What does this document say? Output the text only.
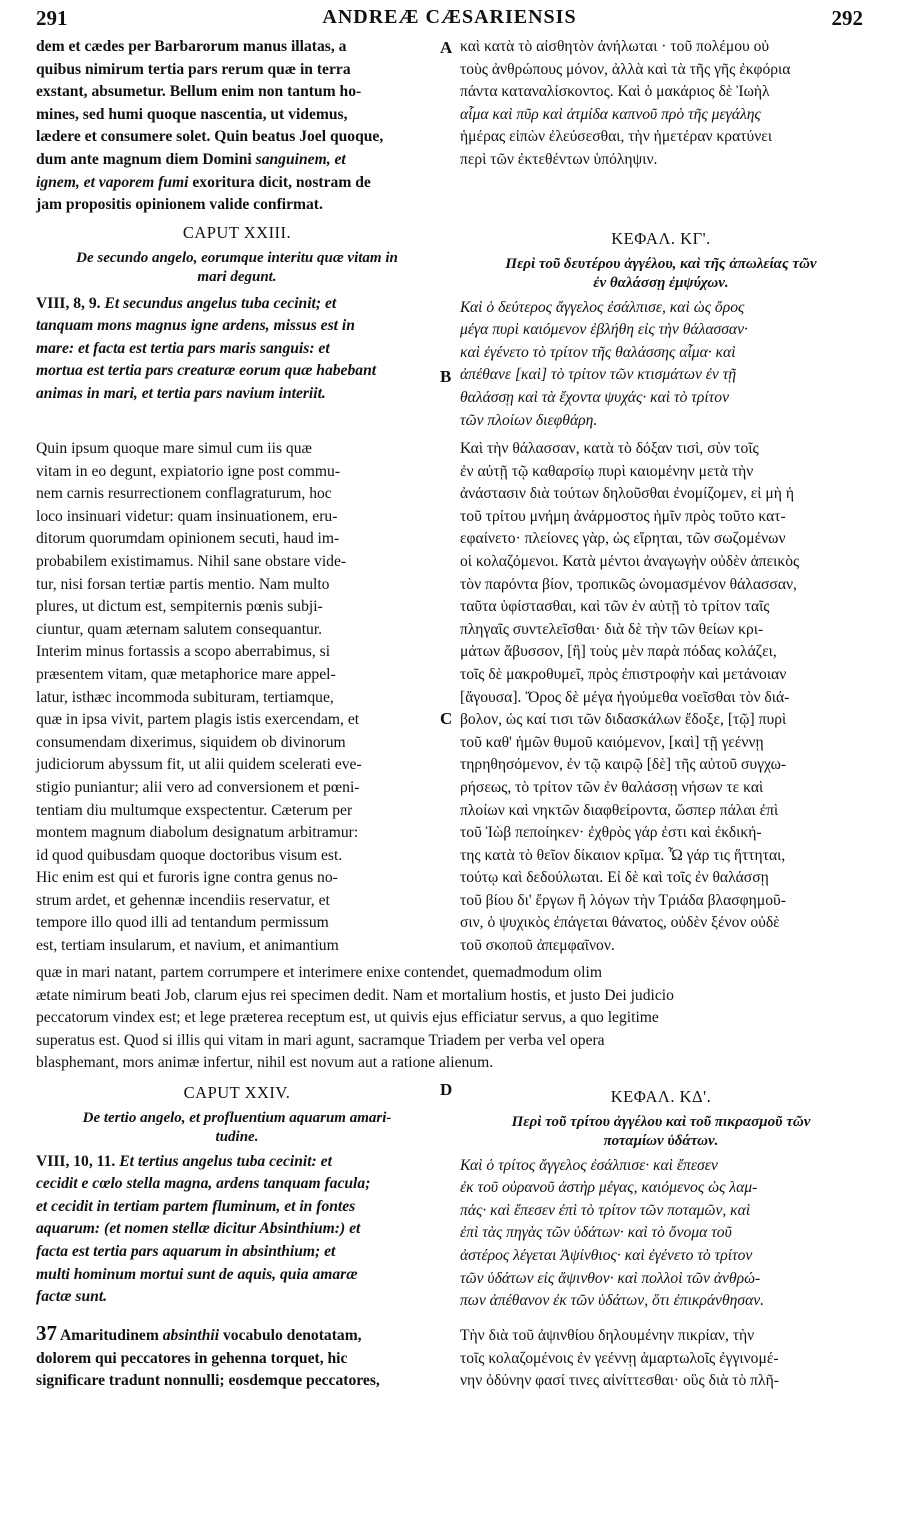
291	ANDREÆ CÆSARIENSIS	292
A
B
C
D
dem et cædes per Barbarorum manus illatas, a
quibus nimirum tertia pars rerum quæ in terra
exstant, absumetur. Bellum enim non tantum ho-
mines, sed humi quoque nascentia, ut videmus,
lædere et consumere solet. Quin beatus Joel quoque,
dum ante magnum diem Domini sanguinem, et
ignem, et vaporem fumi exoritura dicit, nostram de
jam propositis opinionem valide confirmat.
καὶ κατὰ τὸ αἰσθητὸν ἀνήλωται · τοῦ πολέμου οὐ
τοὺς ἀνθρώπους μόνον, ἀλλὰ καὶ τὰ τῆς γῆς ἐκφόρια
πάντα καταναλίσκοντος. Καὶ ὁ μακάριος δὲ Ἰωὴλ
αἷμα καὶ πῦρ καὶ ἀτμίδα καπνοῦ πρὸ τῆς μεγάλης
ἡμέρας εἰπὼν ἐλεύσεσθαι, τὴν ἡμετέραν κρατύνει
περὶ τῶν ἐκτεθέντων ὑπόληψιν.
CAPUT XXIII.
De secundo angelo, eorumque interitu quæ vitam in
mari degunt.
VIII, 8, 9. Et secundus angelus tuba cecinit; et
tanquam mons magnus igne ardens, missus est in
mare: et facta est tertia pars maris sanguis: et
mortua est tertia pars creaturæ eorum quæ habebant
animas in mari, et tertia pars navium interiit.
ΚΕΦΑΛ. ΚΓ'.
Περὶ τοῦ δευτέρου ἀγγέλου, καὶ τῆς ἀπωλείας τῶν
ἐν θαλάσσῃ ἐμψύχων.
Καὶ ὁ δεύτερος ἄγγελος ἐσάλπισε, καὶ ὡς ὄρος
μέγα πυρὶ καιόμενον ἐβλήθη εἰς τὴν θάλασσαν·
καὶ ἐγένετο τὸ τρίτον τῆς θαλάσσης αἷμα· καὶ
ἀπέθανε [καὶ] τὸ τρίτον τῶν κτισμάτων ἐν τῇ
θαλάσσῃ καὶ τὰ ἔχοντα ψυχάς· καὶ τὸ τρίτον
τῶν πλοίων διεφθάρη.
Quin ipsum quoque mare simul cum iis quæ
vitam in eo degunt, expiatorio igne post commu-
nem carnis resurrectionem conflagraturum, hoc
loco insinuari videtur: quam insinuationem, eru-
ditorum quorumdam opinionem secuti, haud im-
probabilem existimamus. Nihil sane obstare vide-
tur, nisi forsan tertiæ partis mentio. Nam multo
plures, ut dictum est, sempiternis pœnis subji-
ciuntur, quam æternam salutem consequantur.
Interim minus fortassis a scopo aberrabimus, si
præsentem vitam, quæ metaphorice mare appel-
latur, isthæc incommoda subituram, tertiamque,
quæ in ipsa vivit, partem plagis istis exercendam, et
consumendam dixerimus, siquidem ob divinorum
judiciorum abyssum fit, ut alii quidem scelerati eve-
stigio puniantur; alii vero ad conversionem et pœni-
tentiam diu multumque exspectentur. Cæterum per
montem magnum diabolum designatum arbitramur:
id quod quibusdam quoque doctoribus visum est.
Hic enim est qui et furoris igne contra genus no-
strum ardet, et gehennæ incendiis reservatur, et
tempore illo quod illi ad tentandum permissum
est, tertiam insularum, et navium, et animantium
Καὶ τὴν θάλασσαν, κατὰ τὸ δόξαν τισὶ, σὺν τοῖς
ἐν αὐτῇ τῷ καθαρσίῳ πυρὶ καιομένην μετὰ τὴν
ἀνάστασιν διὰ τούτων δηλοῦσθαι ἐνομίζομεν, εἰ μὴ ἡ
τοῦ τρίτου μνήμη ἀνάρμοστος ἡμῖν πρὸς τοῦτο κατ-
εφαίνετο· πλείονες γὰρ, ὡς εἴρηται, τῶν σωζομένων
οἱ κολαζόμενοι. Κατὰ μέντοι ἀναγωγὴν οὐδὲν ἀπεικὸς
τὸν παρόντα βίον, τροπικῶς ὠνομασμένον θάλασσαν,
ταῦτα ὑφίστασθαι, καὶ τῶν ἐν αὐτῇ τὸ τρίτον ταῖς
πληγαῖς συντελεῖσθαι· διὰ δὲ τὴν τῶν θείων κρι-
μάτων ἄβυσσον, [ἢ] τοὺς μὲν παρὰ πόδας κολάζει,
τοῖς δὲ μακροθυμεῖ, πρὸς ἐπιστροφὴν καὶ μετάνοιαν
[ἄγουσα]. Ὄρος δὲ μέγα ἡγούμεθα νοεῖσθαι τὸν διά-
βολον, ὡς καί τισι τῶν διδασκάλων ἔδοξε, [τῷ] πυρὶ
τοῦ καθ' ἡμῶν θυμοῦ καιόμενον, [καὶ] τῇ γεέννῃ
τηρηθησόμενον, ἐν τῷ καιρῷ [δὲ] τῆς αὐτοῦ συγχω-
ρήσεως, τὸ τρίτον τῶν ἐν θαλάσσῃ νήσων τε καὶ
πλοίων καὶ νηκτῶν διαφθείροντα, ὥσπερ πάλαι ἐπὶ
τοῦ Ἰὼβ πεποίηκεν· ἐχθρὸς γάρ ἐστι καὶ ἐκδική-
της κατὰ τὸ θεῖον δίκαιον κρῖμα. Ὧ γάρ τις ἥττηται,
τούτῳ καὶ δεδούλωται. Εἰ δὲ καὶ τοῖς ἐν θαλάσσῃ
τοῦ βίου δι' ἔργων ἢ λόγων τὴν Τριάδα βλασφημοῦ-
σιν, ὁ ψυχικὸς ἐπάγεται θάνατος, οὐδὲν ξένον οὐδὲ
τοῦ σκοποῦ ἀπεμφαῖνον.
quæ in mari natant, partem corrumpere et interimere enixe contendet, quemadmodum olim
ætate nimirum beati Job, clarum ejus rei specimen dedit. Nam et mortalium hostis, et justo Dei judicio
peccatorum vindex est; et lege præterea receptum est, ut quivis ejus efficiatur servus, a quo legitime
superatus est. Quod si illis qui vitam in mari agunt, sacramque Triadem per verba vel opera
blasphemant, mors animæ infertur, nihil est novum aut a ratione alienum.
CAPUT XXIV.
De tertio angelo, et profluentium aquarum amari-
tudine.
VIII, 10, 11. Et tertius angelus tuba cecinit: et
cecidit e cœlo stella magna, ardens tanquam facula;
et cecidit in tertiam partem fluminum, et in fontes
aquarum: (et nomen stellæ dicitur Absinthium:) et
facta est tertia pars aquarum in absinthium; et
multi hominum mortui sunt de aquis, quia amaræ
factæ sunt.
ΚΕΦΑΛ. ΚΔ'.
Περὶ τοῦ τρίτου ἀγγέλου καὶ τοῦ πικρασμοῦ τῶν
ποταμίων ὑδάτων.
Καὶ ὁ τρίτος ἄγγελος ἐσάλπισε· καὶ ἔπεσεν
ἐκ τοῦ οὐρανοῦ ἀστὴρ μέγας, καιόμενος ὡς λαμ-
πάς· καὶ ἔπεσεν ἐπὶ τὸ τρίτον τῶν ποταμῶν, καὶ
ἐπὶ τὰς πηγὰς τῶν ὑδάτων· καὶ τὸ ὄνομα τοῦ
ἀστέρος λέγεται Ἀψίνθιος· καὶ ἐγένετο τὸ τρίτον
τῶν ὑδάτων εἰς ἄψινθον· καὶ πολλοὶ τῶν ἀνθρώ-
πων ἀπέθανον ἐκ τῶν ὑδάτων, ὅτι ἐπικράνθησαν.
37 Amaritudinem absinthii vocabulo denotatam,
dolorem qui peccatores in gehenna torquet, hic
significare tradunt nonnulli; eosdemque peccatores,
Τὴν διὰ τοῦ ἀψινθίου δηλουμένην πικρίαν, τὴν
τοῖς κολαζομένοις ἐν γεέννῃ ἁμαρτωλοῖς ἐγγινομέ-
νην ὀδύνην φασί τινες αἰνίττεσθαι· οὓς διὰ τὸ πλῆ-
